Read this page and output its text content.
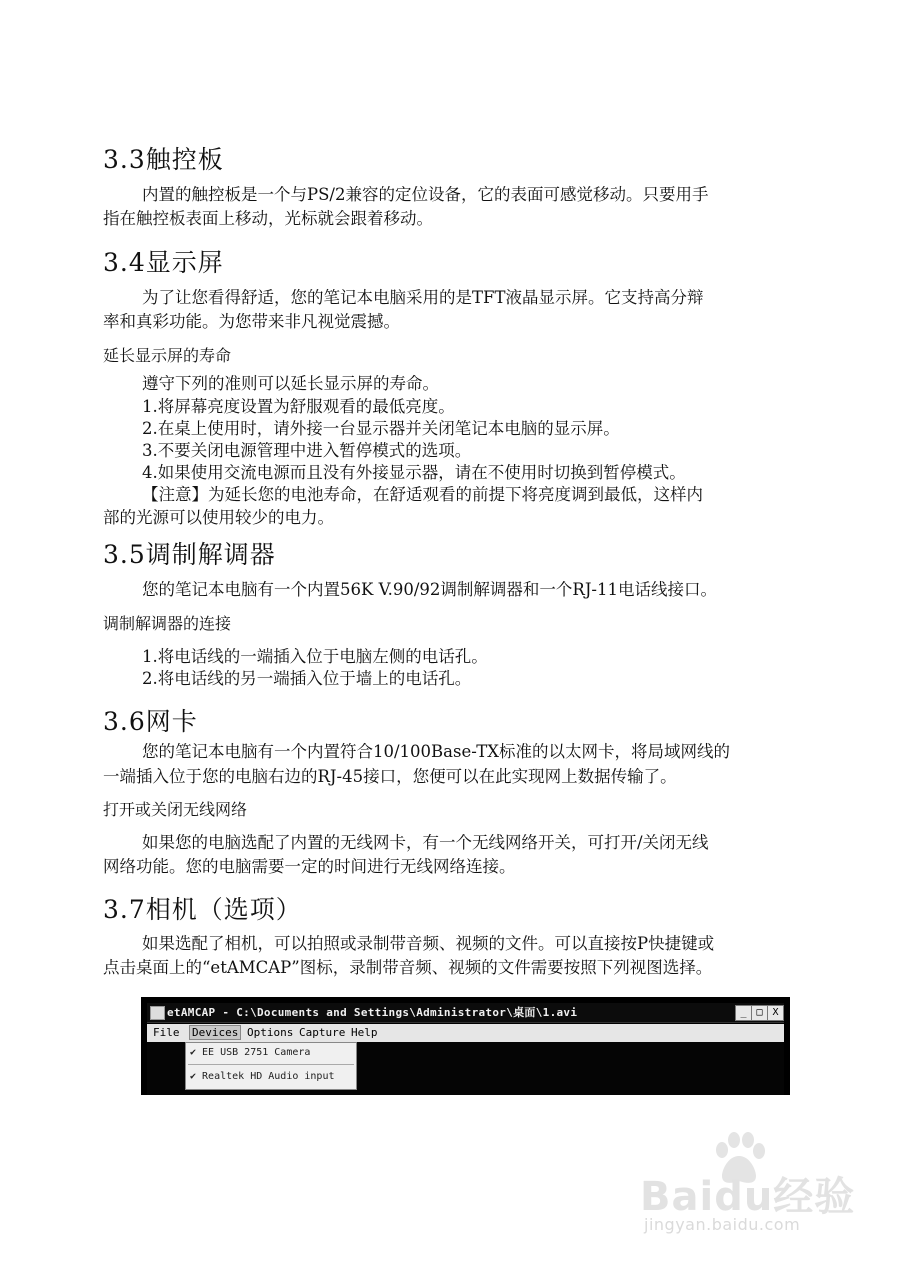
3.3触控板
内置的触控板是一个与PS/2兼容的定位设备，它的表面可感觉移动。只要用手
指在触控板表面上移动，光标就会跟着移动。
3.4显示屏
为了让您看得舒适，您的笔记本电脑采用的是TFT液晶显示屏。它支持高分辩
率和真彩功能。为您带来非凡视觉震撼。
延长显示屏的寿命
遵守下列的准则可以延长显示屏的寿命。
1.将屏幕亮度设置为舒服观看的最低亮度。
2.在桌上使用时，请外接一台显示器并关闭笔记本电脑的显示屏。
3.不要关闭电源管理中进入暂停模式的选项。
4.如果使用交流电源而且没有外接显示器，请在不使用时切换到暂停模式。
【注意】为延长您的电池寿命，在舒适观看的前提下将亮度调到最低，这样内
部的光源可以使用较少的电力。
3.5调制解调器
您的笔记本电脑有一个内置56K V.90/92调制解调器和一个RJ-11电话线接口。
调制解调器的连接
1.将电话线的一端插入位于电脑左侧的电话孔。
2.将电话线的另一端插入位于墙上的电话孔。
3.6网卡
您的笔记本电脑有一个内置符合10/100Base-TX标准的以太网卡，将局域网线的
一端插入位于您的电脑右边的RJ-45接口，您便可以在此实现网上数据传输了。
打开或关闭无线网络
如果您的电脑选配了内置的无线网卡，有一个无线网络开关，可打开/关闭无线
网络功能。您的电脑需要一定的时间进行无线网络连接。
3.7相机（选项）
如果选配了相机，可以拍照或录制带音频、视频的文件。可以直接按P快捷键或
点击桌面上的“etAMCAP”图标，录制带音频、视频的文件需要按照下列视图选择。
etAMCAP - C:\Documents and Settings\Administrator\桌面\1.avi	_ □ X
File Devices Options Capture Help
✔ EE USB 2751 Camera
✔ Realtek HD Audio input
Baidu经验
jingyan.baidu.com
